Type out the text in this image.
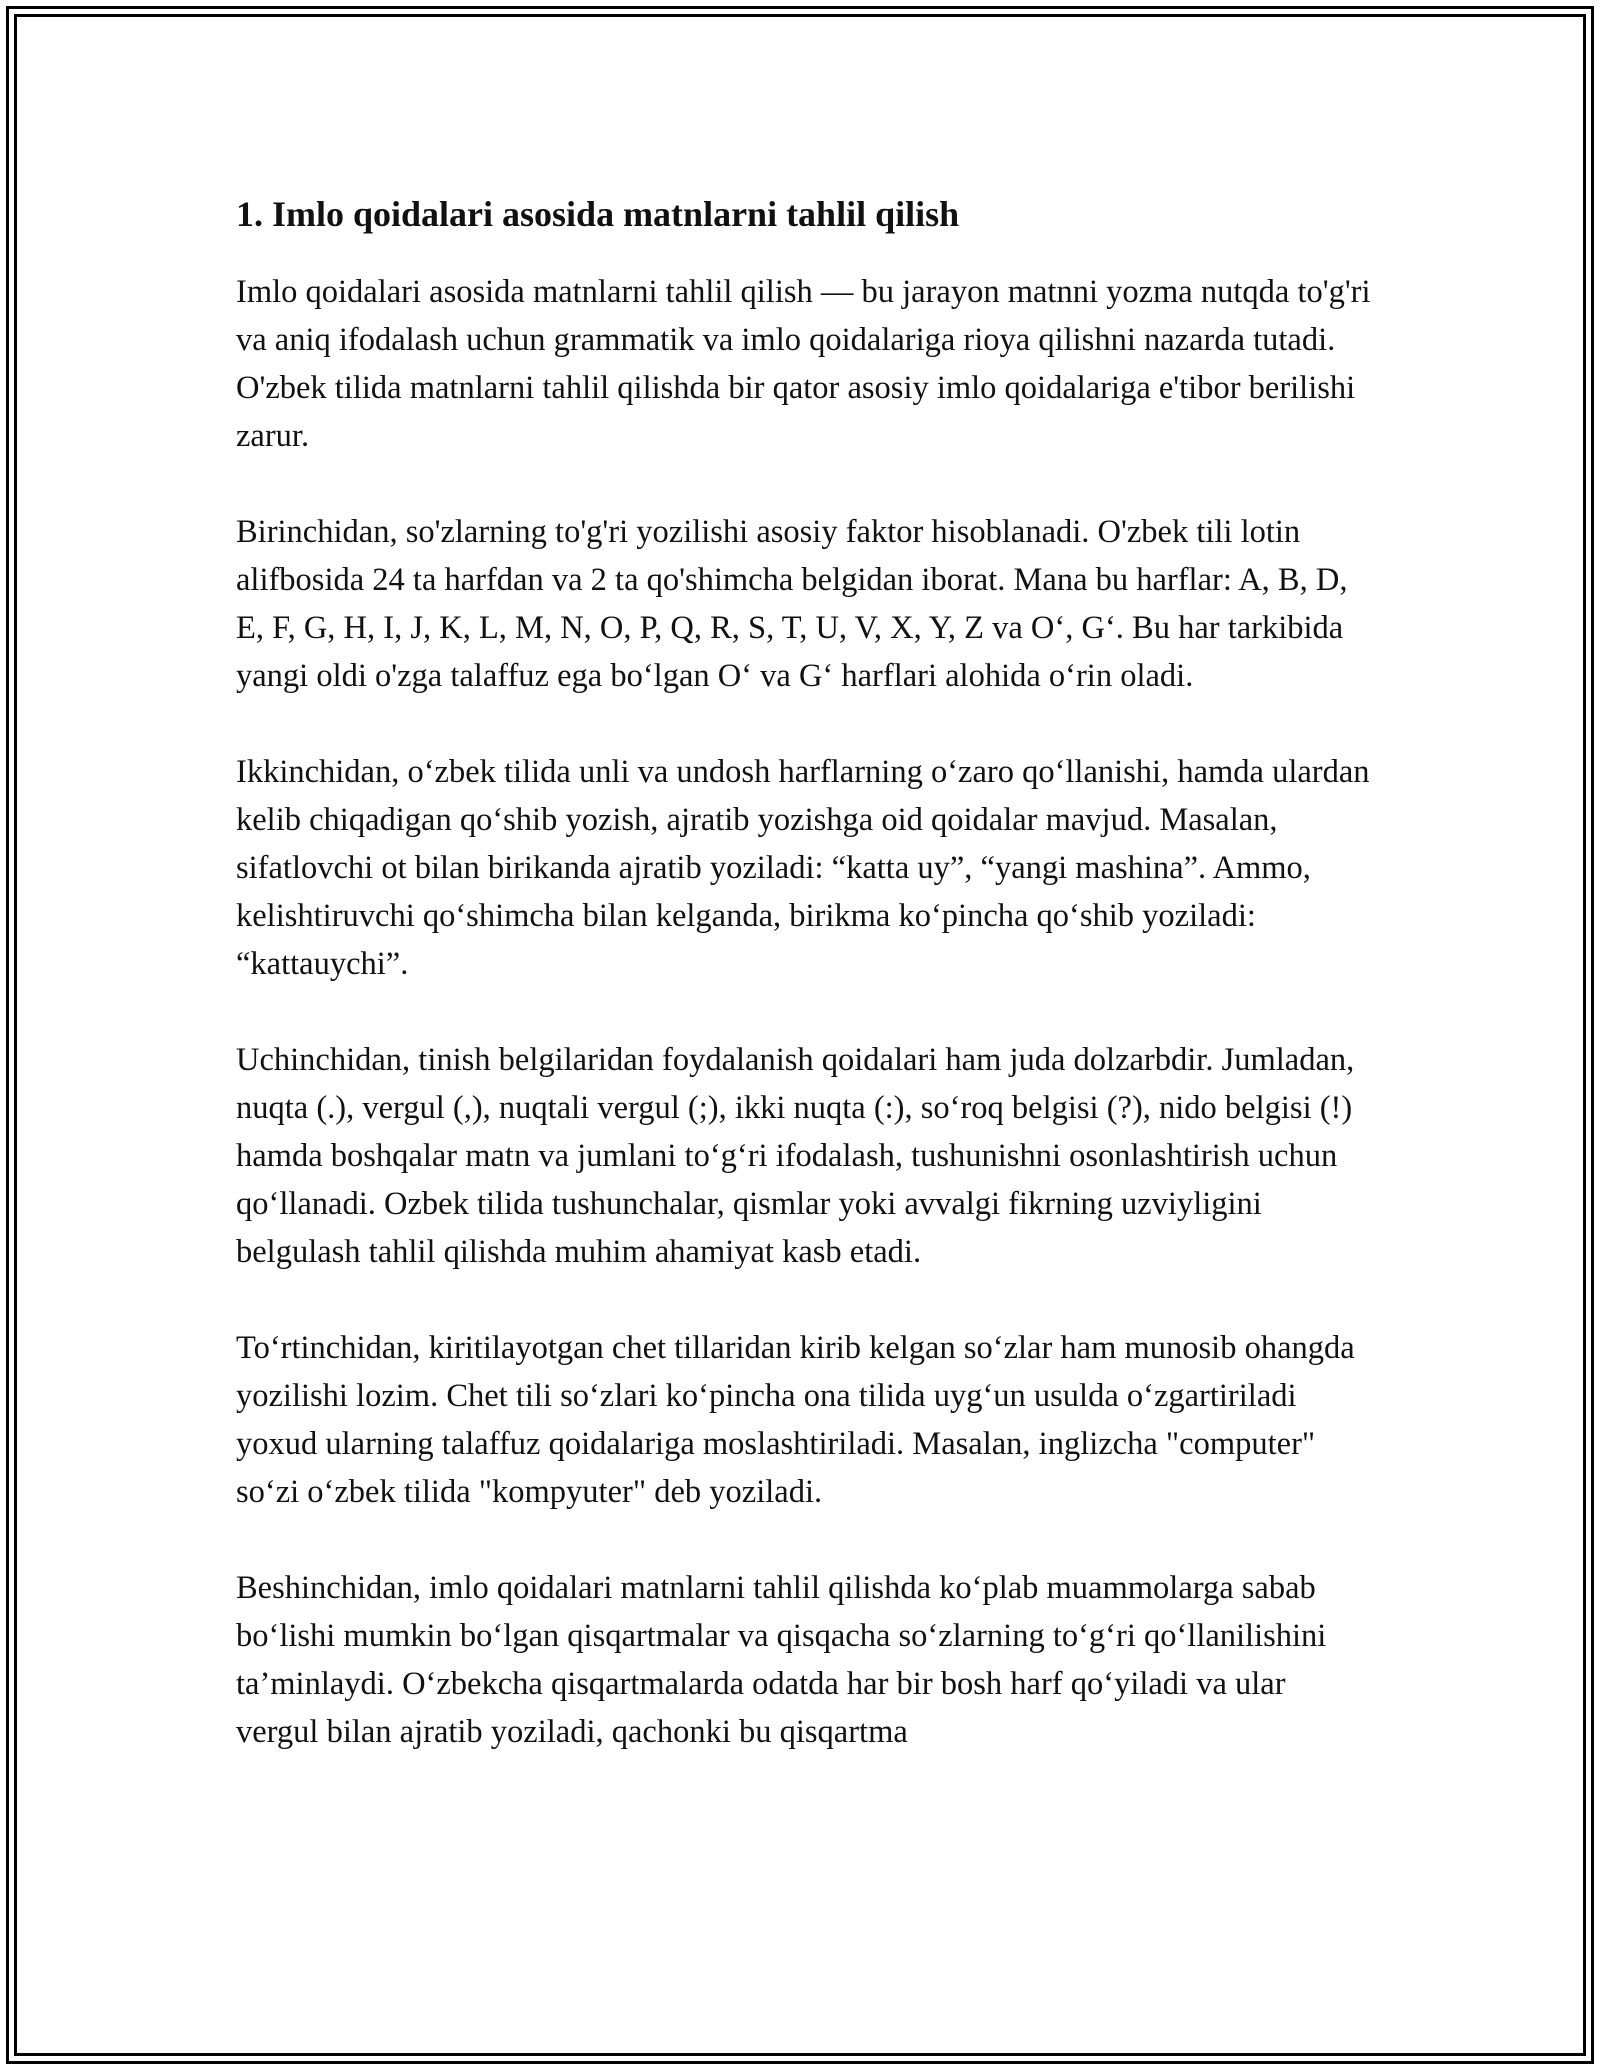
1. Imlo qoidalari asosida matnlarni tahlil qilish

Imlo qoidalari asosida matnlarni tahlil qilish — bu jarayon matnni yozma nutqda to'g'ri va aniq ifodalash uchun grammatik va imlo qoidalariga rioya qilishni nazarda tutadi. O'zbek tilida matnlarni tahlil qilishda bir qator asosiy imlo qoidalariga e'tibor berilishi zarur.

Birinchidan, so'zlarning to'g'ri yozilishi asosiy faktor hisoblanadi. O'zbek tili lotin alifbosida 24 ta harfdan va 2 ta qo'shimcha belgidan iborat. Mana bu harflar: A, B, D, E, F, G, H, I, J, K, L, M, N, O, P, Q, R, S, T, U, V, X, Y, Z va O‘, G‘. Bu har tarkibida yangi oldi o'zga talaffuz ega bo‘lgan O‘ va G‘ harflari alohida o‘rin oladi.

Ikkinchidan, o‘zbek tilida unli va undosh harflarning o‘zaro qo‘llanishi, hamda ulardan kelib chiqadigan qo‘shib yozish, ajratib yozishga oid qoidalar mavjud. Masalan, sifatlovchi ot bilan birikanda ajratib yoziladi: “katta uy”, “yangi mashina”. Ammo, kelishtiruvchi qo‘shimcha bilan kelganda, birikma ko‘pincha qo‘shib yoziladi: “kattauychi”.

Uchinchidan, tinish belgilaridan foydalanish qoidalari ham juda dolzarbdir. Jumladan, nuqta (.), vergul (,), nuqtali vergul (;), ikki nuqta (:), so‘roq belgisi (?), nido belgisi (!) hamda boshqalar matn va jumlani to‘g‘ri ifodalash, tushunishni osonlashtirish uchun qo‘llanadi. Ozbek tilida tushunchalar, qismlar yoki avvalgi fikrning uzviyligini belgulash tahlil qilishda muhim ahamiyat kasb etadi.

To‘rtinchidan, kiritilayotgan chet tillaridan kirib kelgan so‘zlar ham munosib ohangda yozilishi lozim. Chet tili so‘zlari ko‘pincha ona tilida uyg‘un usulda o‘zgartiriladi yoxud ularning talaffuz qoidalariga moslashtiriladi. Masalan, inglizcha "computer" so‘zi o‘zbek tilida "kompyuter" deb yoziladi.

Beshinchidan, imlo qoidalari matnlarni tahlil qilishda ko‘plab muammolarga sabab bo‘lishi mumkin bo‘lgan qisqartmalar va qisqacha so‘zlarning to‘g‘ri qo‘llanilishini ta’minlaydi. O‘zbekcha qisqartmalarda odatda har bir bosh harf qo‘yiladi va ular vergul bilan ajratib yoziladi, qachonki bu qisqartma
